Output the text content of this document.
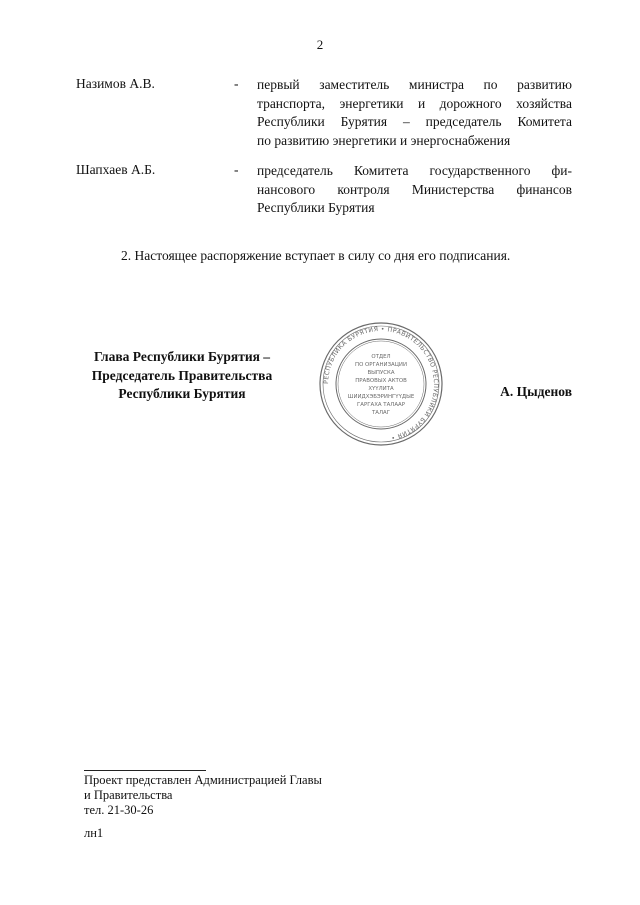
2
Назимов А.В.	- первый заместитель министра по развитию
транспорта, энергетики и дорожного хозяйства
Республики Бурятия – председатель Комитета
по развитию энергетики и энергоснабжения
Шапхаев А.Б.	- председатель Комитета государственного фи-
нансового контроля Министерства финансов
Республики Бурятия
2. Настоящее распоряжение вступает в силу со дня его подписания.
Глава Республики Бурятия –
Председатель Правительства
Республики Бурятия
РЕСПУБЛИКА БУРЯТИЯ • ПРАВИТЕЛЬСТВО РЕСПУБЛИКИ БУРЯТИЯ •
ОТДЕЛ
ПО ОРГАНИЗАЦИИ
ВЫПУСКА
ПРАВОВЫХ АКТОВ
ХҮҮЛИТА
ШИИДХЭБЭРИНГҮҮДЫЕ
ГАРГАХА ТАЛААР
ТАЛАГ
А. Цыденов
Проект представлен Администрацией Главы
и Правительства
тел. 21-30-26
лн1
